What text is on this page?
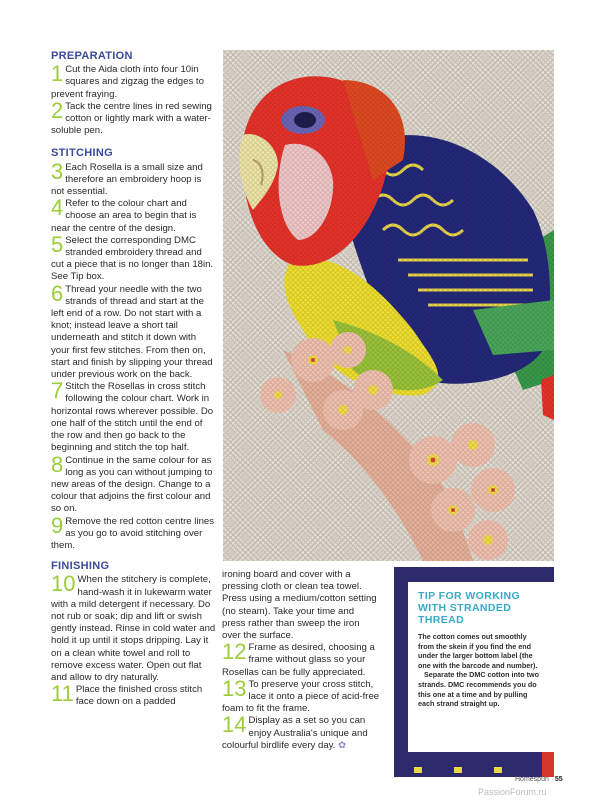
PREPARATION
1 Cut the Aida cloth into four 10in squares and zigzag the edges to prevent fraying.
2 Tack the centre lines in red sewing cotton or lightly mark with a water-soluble pen.
STITCHING
3 Each Rosella is a small size and therefore an embroidery hoop is not essential.
4 Refer to the colour chart and choose an area to begin that is near the centre of the design.
5 Select the corresponding DMC stranded embroidery thread and cut a piece that is no longer than 18in. See Tip box.
6 Thread your needle with the two strands of thread and start at the left end of a row. Do not start with a knot; instead leave a short tail underneath and stitch it down with your first few stitches. From then on, start and finish by slipping your thread under previous work on the back.
7 Stitch the Rosellas in cross stitch following the colour chart. Work in horizontal rows wherever possible. Do one half of the stitch until the end of the row and then go back to the beginning and stitch the top half.
8 Continue in the same colour for as long as you can without jumping to new areas of the design. Change to a colour that adjoins the first colour and so on.
9 Remove the red cotton centre lines as you go to avoid stitching over them.
FINISHING
10 When the stitchery is complete, hand-wash it in lukewarm water with a mild detergent if necessary. Do not rub or soak; dip and lift or swish gently instead. Rinse in cold water and hold it up until it stops dripping. Lay it on a clean white towel and roll to remove excess water. Open out flat and allow to dry naturally.
11 Place the finished cross stitch face down on a padded
ironing board and cover with a pressing cloth or clean tea towel. Press using a medium/cotton setting (no steam). Take your time and press rather than sweep the iron over the surface.
12 Frame as desired, choosing a frame without glass so your Rosellas can be fully appreciated.
13 To preserve your cross stitch, lace it onto a piece of acid-free foam to fit the frame.
14 Display as a set so you can enjoy Australia's unique and colourful birdlife every day. ✿
TIP FOR WORKING WITH STRANDED THREAD

The cotton comes out smoothly from the skein if you find the end under the larger bottom label (the one with the barcode and number).

Separate the DMC cotton into two strands. DMC recommends you do this one at a time and by pulling each strand straight up.

Homespun 55
PassionForum.ru
